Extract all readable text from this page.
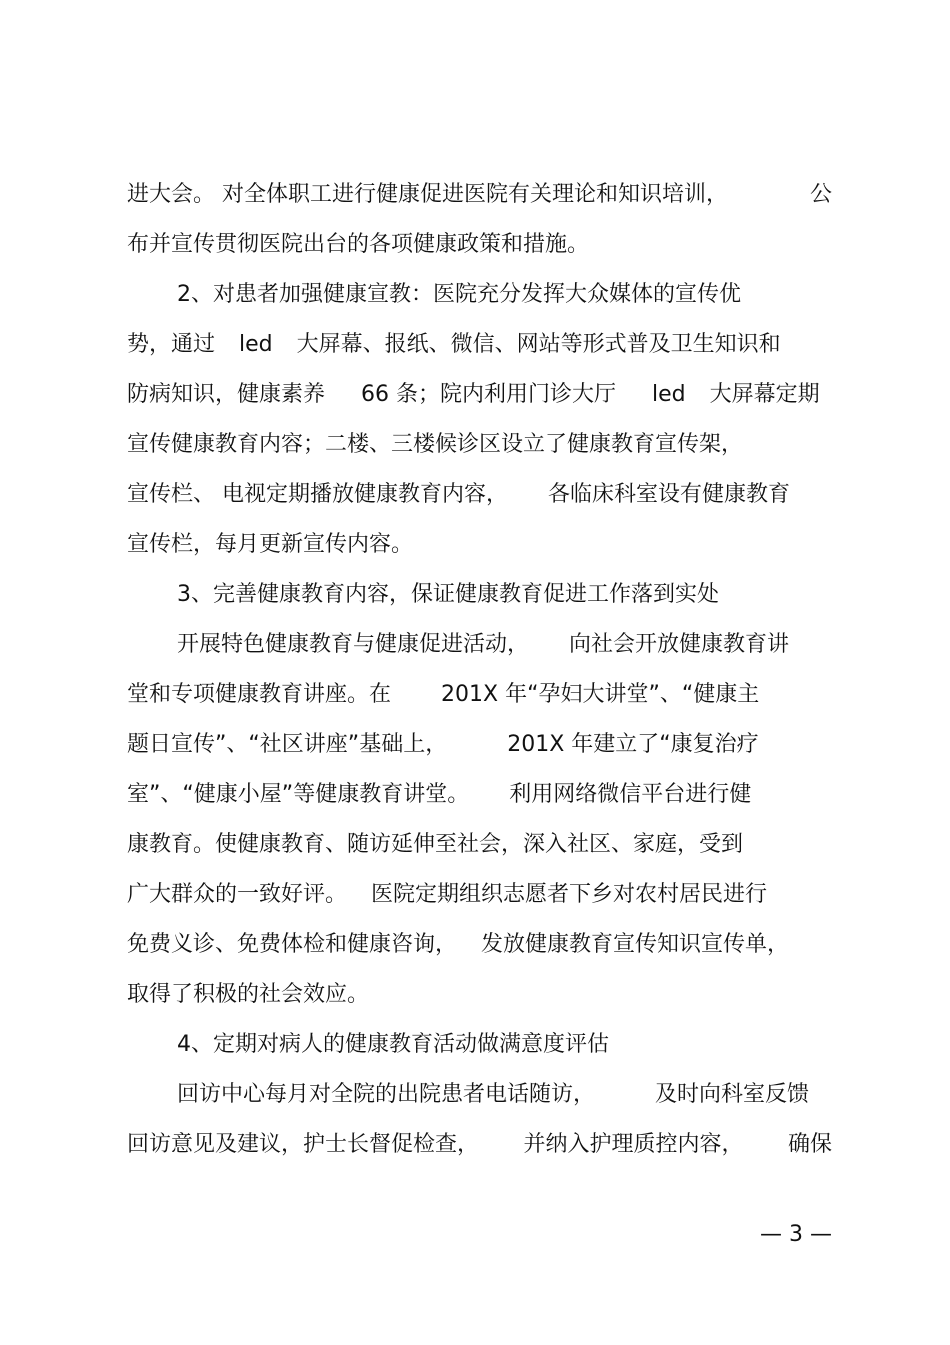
进大会。 对全体职工进行健康促进医院有关理论和知识培训，	公
布并宣传贯彻医院出台的各项健康政策和措施。
2、对患者加强健康宣教：医院充分发挥大众媒体的宣传优
势，通过 led 大屏幕、报纸、微信、网站等形式普及卫生知识和
防病知识，健康素养 66 条；院内利用门诊大厅 led 大屏幕定期
宣传健康教育内容；二楼、三楼候诊区设立了健康教育宣传架，
宣传栏、 电视定期播放健康教育内容， 各临床科室设有健康教育
宣传栏，每月更新宣传内容。
3、完善健康教育内容，保证健康教育促进工作落到实处
开展特色健康教育与健康促进活动， 向社会开放健康教育讲
堂和专项健康教育讲座。在 201X 年“孕妇大讲堂”、“健康主
题日宣传”、“社区讲座”基础上，	201X 年建立了“康复治疗
室”、“健康小屋”等健康教育讲堂。 利用网络微信平台进行健
康教育。使健康教育、随访延伸至社会，深入社区、家庭，受到
广大群众的一致好评。 医院定期组织志愿者下乡对农村居民进行
免费义诊、免费体检和健康咨询， 发放健康教育宣传知识宣传单，
取得了积极的社会效应。
4、定期对病人的健康教育活动做满意度评估
回访中心每月对全院的出院患者电话随访，	及时向科室反馈
回访意见及建议，护士长督促检查， 并纳入护理质控内容， 确保
— 3 —
